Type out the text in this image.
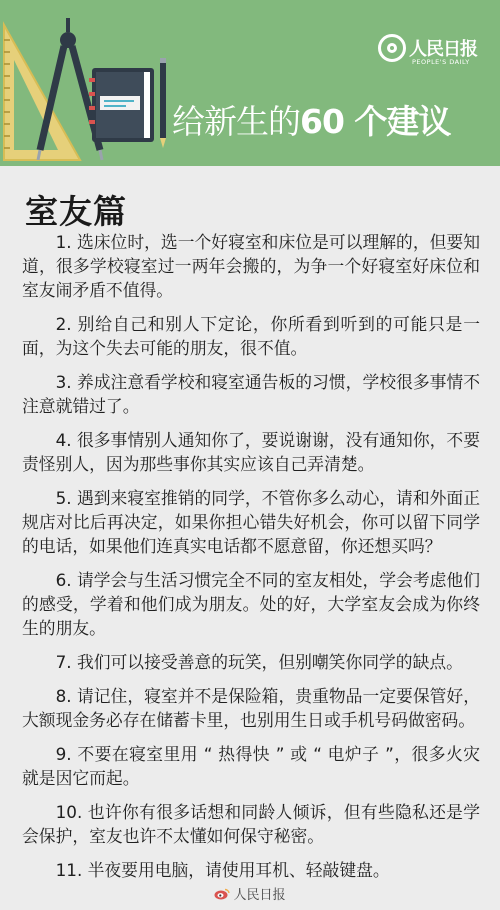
人民日报
PEOPLE'S DAILY
给新生的60 个建议
室友篇
1. 选床位时，选一个好寝室和床位是可以理解的，但要知道，很多学校寝室过一两年会搬的，为争一个好寝室好床位和室友闹矛盾不值得。
2. 别给自己和别人下定论，你所看到听到的可能只是一面，为这个失去可能的朋友，很不值。
3. 养成注意看学校和寝室通告板的习惯，学校很多事情不注意就错过了。
4. 很多事情别人通知你了，要说谢谢，没有通知你，不要责怪别人，因为那些事你其实应该自己弄清楚。
5. 遇到来寝室推销的同学，不管你多么动心，请和外面正规店对比后再决定，如果你担心错失好机会，你可以留下同学的电话，如果他们连真实电话都不愿意留，你还想买吗？
6. 请学会与生活习惯完全不同的室友相处，学会考虑他们的感受，学着和他们成为朋友。处的好，大学室友会成为你终生的朋友。
7. 我们可以接受善意的玩笑，但别嘲笑你同学的缺点。
8. 请记住，寝室并不是保险箱，贵重物品一定要保管好，大额现金务必存在储蓄卡里，也别用生日或手机号码做密码。
9. 不要在寝室里用 “ 热得快 ” 或 “ 电炉子 ”，很多火灾就是因它而起。
10. 也许你有很多话想和同龄人倾诉，但有些隐私还是学会保护，室友也许不太懂如何保守秘密。
11. 半夜要用电脑，请使用耳机、轻敲键盘。
人民日报
